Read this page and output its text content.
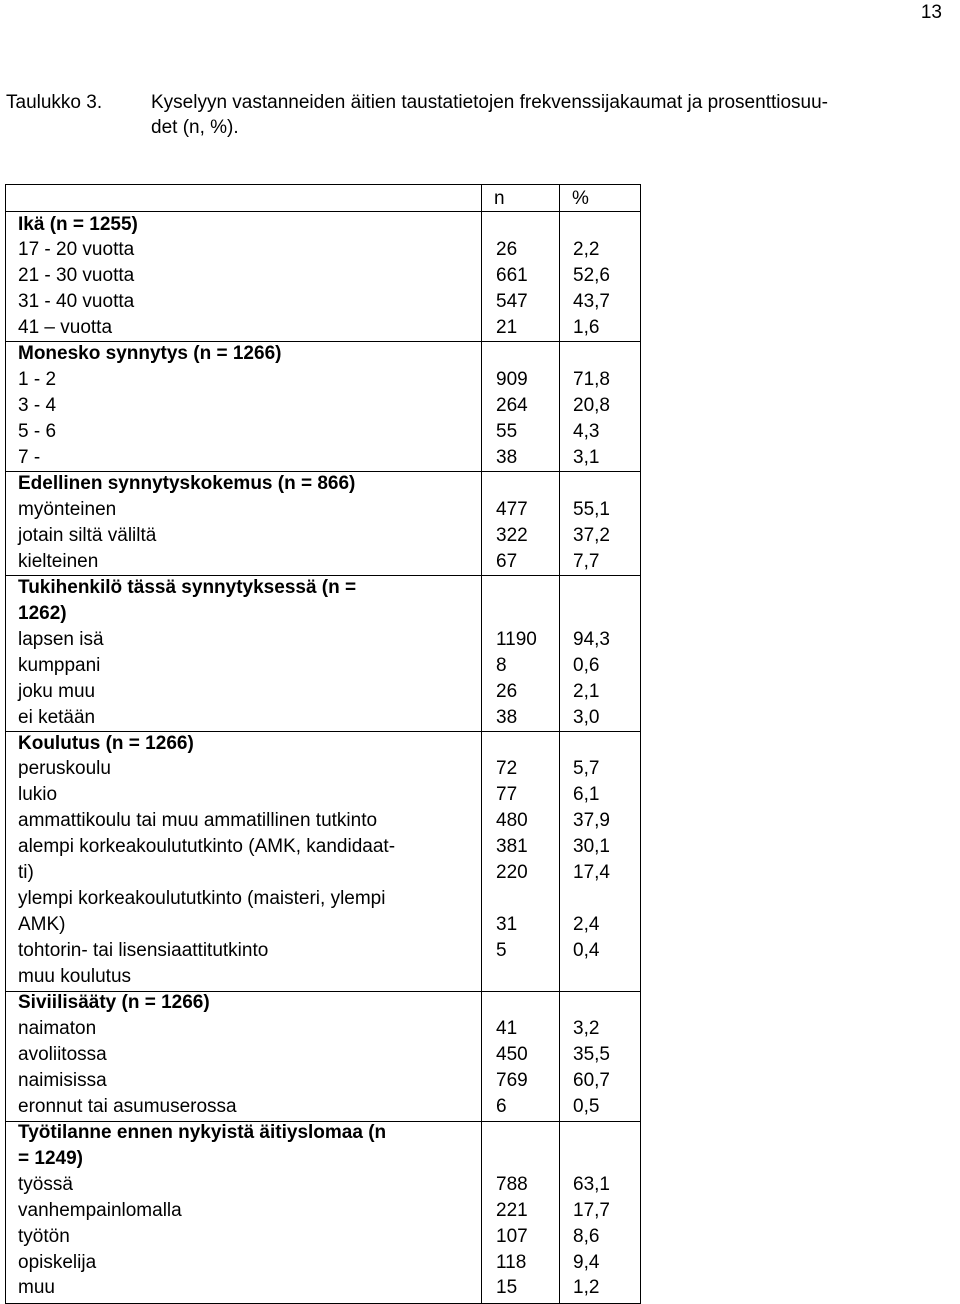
13
Taulukko 3.	Kyselyyn vastanneiden äitien taustatietojen frekvenssijakaumat ja prosenttiosuu-
det (n, %).
n	%
Ikä (n = 1255)
17 - 20 vuotta	26	2,2
21 - 30 vuotta	661 52,6
31 - 40 vuotta	547 43,7
41 – vuotta	21	1,6
Monesko synnytys (n = 1266)
1 - 2	909 71,8
3 - 4	264 20,8
5 - 6	55	4,3
7 -	38	3,1
Edellinen synnytyskokemus (n = 866)
myönteinen	477 55,1
jotain siltä väliltä	322 37,2
kielteinen	67	7,7
Tukihenkilö tässä synnytyksessä (n =
1262)
lapsen isä	1190 94,3
kumppani	8	0,6
joku muu	26	2,1
ei ketään	38	3,0
Koulutus (n = 1266)
peruskoulu	72	5,7
lukio	77	6,1
ammattikoulu tai muu ammatillinen tutkinto	480 37,9
alempi korkeakoulututkinto (AMK, kandidaat-	381 30,1
ti)	220 17,4
ylempi korkeakoulututkinto (maisteri, ylempi
AMK)	31	2,4
tohtorin- tai lisensiaattitutkinto	5	0,4
muu koulutus
Siviilisääty (n = 1266)
naimaton	41	3,2
avoliitossa	450 35,5
naimisissa	769 60,7
eronnut tai asumuserossa	6	0,5
Työtilanne ennen nykyistä äitiyslomaa (n
= 1249)
työssä	788 63,1
vanhempainlomalla	221 17,7
työtön	107 8,6
opiskelija	118 9,4
muu	15	1,2
